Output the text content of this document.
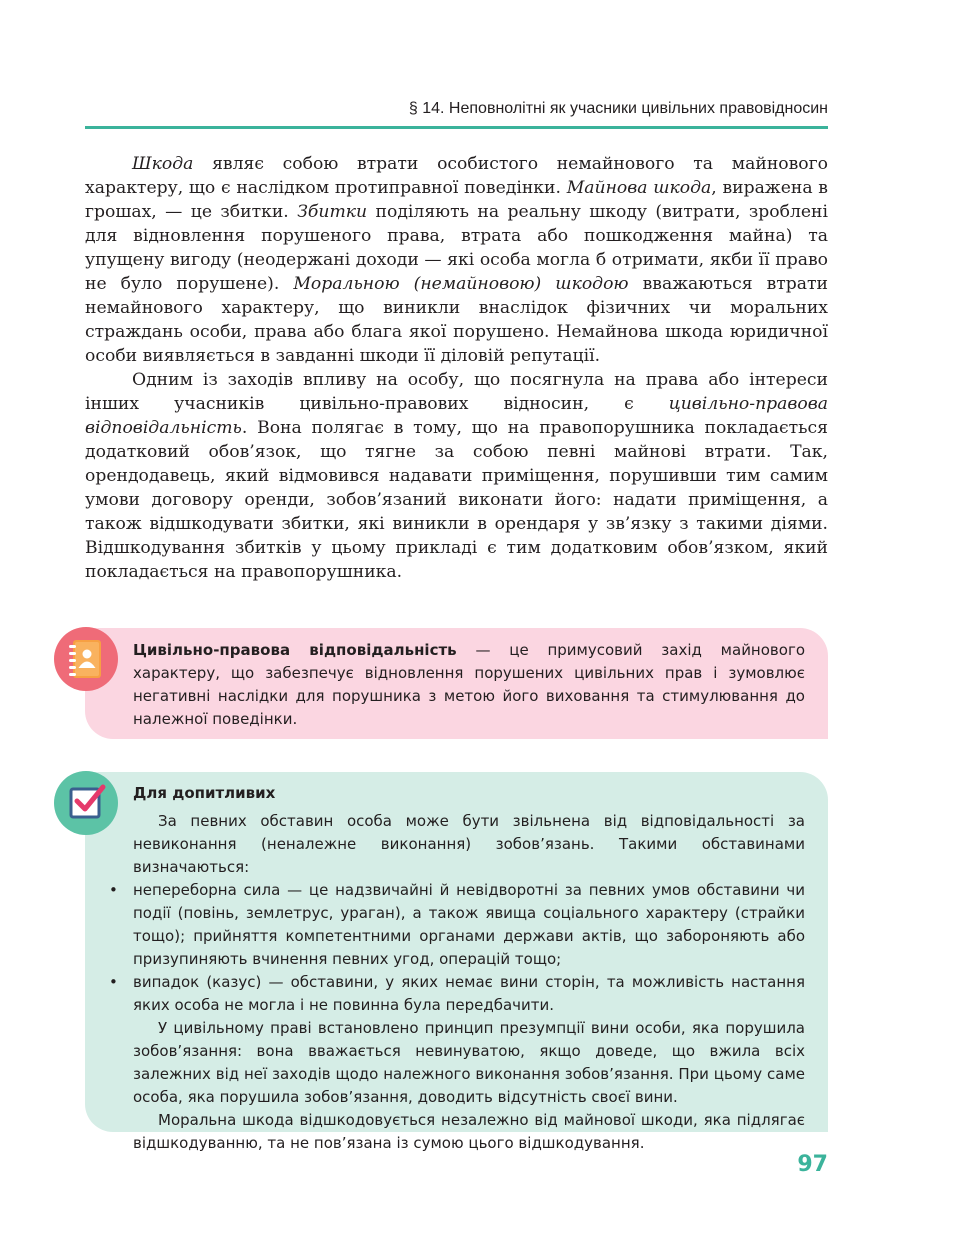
§ 14. Неповнолітні як учасники цивільних правовідносин

Шкода являє собою втрати особистого немайнового та майнового характеру, що є наслідком протиправної поведінки. Майнова шкода, виражена в грошах, — це збитки. Збитки поділяють на реальну шкоду (витрати, зроблені для відновлення порушеного права, втрата або пошкодження майна) та упущену вигоду (неодержані доходи — які особа могла б отримати, якби її право не було порушене). Моральною (немайновою) шкодою вважаються втрати немайнового характеру, що виникли внаслідок фізичних чи моральних страждань особи, права або блага якої порушено. Немайнова шкода юридичної особи виявляється в завданні шкоди її діловій репутації.

Одним із заходів впливу на особу, що посягнула на права або інтереси інших учасників цивільно-правових відносин, є цивільно-правова відповідальність. Вона полягає в тому, що на правопорушника покладається додатковий обов’язок, що тягне за собою певні майнові втрати. Так, орендодавець, який відмовився надавати приміщення, порушивши тим самим умови договору оренди, зобов’язаний виконати його: надати приміщення, а також відшкодувати збитки, які виникли в орендаря у зв’язку з такими діями. Відшкодування збитків у цьому прикладі є тим додатковим обов’язком, який покладається на правопорушника.

Цивільно-правова відповідальність — це примусовий захід майнового характеру, що забезпечує відновлення порушених цивільних прав і зумовлює негативні наслідки для порушника з метою його виховання та стимулювання до належної поведінки.
Для допитливих

За певних обставин особа може бути звільнена від відповідальності за невиконання (неналежне виконання) зобов’язань. Такими обставинами визначаються:

• непереборна сила — це надзвичайні й невідворотні за певних умов обставини чи події (повінь, землетрус, ураган), а також явища соціального характеру (страйки тощо); прийняття компетентними органами держави актів, що забороняють або призупиняють вчинення певних угод, операцій тощо;

• випадок (казус) — обставини, у яких немає вини сторін, та можливість настання яких особа не могла і не повинна була передбачити.

У цивільному праві встановлено принцип презумпції вини особи, яка порушила зобов’язання: вона вважається невинуватою, якщо доведе, що вжила всіх залежних від неї заходів щодо належного виконання зобов’язання. При цьому саме особа, яка порушила зобов’язання, доводить відсутність своєї вини.

Моральна шкода відшкодовується незалежно від майнової шкоди, яка підлягає відшкодуванню, та не пов’язана із сумою цього відшкодування.

97
